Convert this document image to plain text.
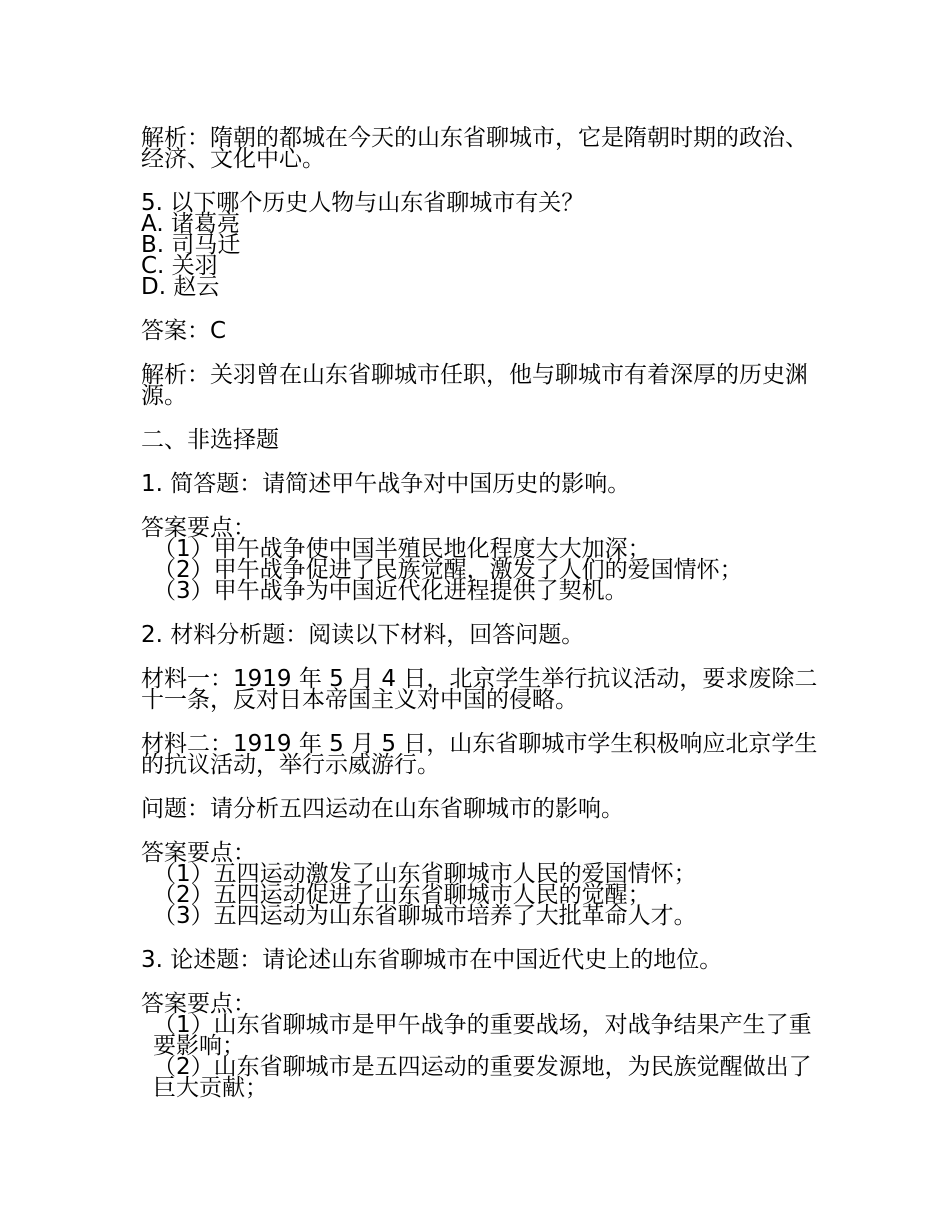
解析：隋朝的都城在今天的山东省聊城市，它是隋朝时期的政治、经济、文化中心。

5. 以下哪个历史人物与山东省聊城市有关？
A. 诸葛亮
B. 司马迁
C. 关羽
D. 赵云

答案：C

解析：关羽曾在山东省聊城市任职，他与聊城市有着深厚的历史渊源。

二、非选择题

1. 简答题：请简述甲午战争对中国历史的影响。

答案要点：
（1）甲午战争使中国半殖民地化程度大大加深；
（2）甲午战争促进了民族觉醒，激发了人们的爱国情怀；
（3）甲午战争为中国近代化进程提供了契机。

2. 材料分析题：阅读以下材料，回答问题。

材料一：1919 年 5 月 4 日，北京学生举行抗议活动，要求废除二十一条，反对日本帝国主义对中国的侵略。

材料二：1919 年 5 月 5 日，山东省聊城市学生积极响应北京学生的抗议活动，举行示威游行。

问题：请分析五四运动在山东省聊城市的影响。

答案要点：
（1）五四运动激发了山东省聊城市人民的爱国情怀；
（2）五四运动促进了山东省聊城市人民的觉醒；
（3）五四运动为山东省聊城市培养了大批革命人才。

3. 论述题：请论述山东省聊城市在中国近代史上的地位。

答案要点：
（1）山东省聊城市是甲午战争的重要战场，对战争结果产生了重要影响；
（2）山东省聊城市是五四运动的重要发源地，为民族觉醒做出了巨大贡献；
